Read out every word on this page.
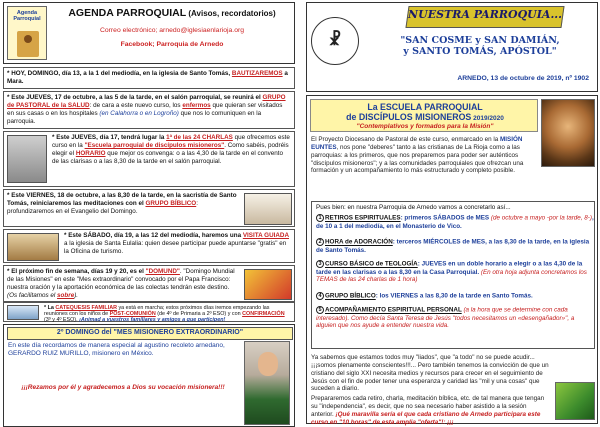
Agenda Parroquial
AGENDA PARROQUIAL (Avisos, recordatorios)
Correo electrónico; arnedo@iglesiaenlarioja.org
Facebook; Parroquia de Arnedo

* HOY, DOMINGO, día 13, a la 1 del mediodía, en la iglesia de Santo Tomás, BAUTIZAREMOS a Mara.

* Este JUEVES, 17 de octubre, a las 5 de la tarde, en el salón parroquial, se reunirá el GRUPO de PASTORAL de la SALUD: de cara a este nuevo curso, los enfermos que quieran ser visitados en sus casas o en los hospitales (en Calahorra o en Logroño) que nos lo comuniquen en la parroquia.

* Este JUEVES, día 17, tendrá lugar la 1ª de las 24 CHARLAS que ofrecemos este curso en la "Escuela parroquial de discípulos misioneros". Como sabéis, podréis elegir el HORARIO que mejor os convenga: o a las 4,30 de la tarde en el convento de las clarisas o a las 8,30 de la tarde en el salón parroquial.

* Este VIERNES, 18 de octubre, a las 8,30 de la tarde, en la sacristía de Santo Tomás, reiniciaremos las meditaciones con el GRUPO BÍBLICO: profundizaremos en el Evangelio del Domingo.

* Este SÁBADO, día 19, a las 12 del mediodía, haremos una VISITA GUIADA a la iglesia de Santa Eulalia: quien desee participar puede apuntarse "gratis" en la Oficina de turismo.

* El próximo fin de semana, días 19 y 20, es el "DOMUND". "Domingo Mundial de las Misiones" en este "Mes extraordinario" convocado por el Papa Francisco: nuestra oración y la aportación económica de las colectas tendrán este destino. (Os facilitamos el sobre).

2º DOMINGO del "MES MISIONERO EXTRAORDINARIO"
En este día recordamos de manera especial al agustino recoleto arnedano, GERARDO RUIZ MURILLO, misionero en México.
¡¡¡Rezamos por él y agradecemos a Dios su vocación misionera!!!

* La CATEQUESIS FAMILIAR ya está en marcha; estos próximos días iremos empezando las reuniones con los niños de POST-COMUNIÓN (de 4º de Primaria a 2º ESO) y con CONFIRMACIÓN (3º y 4º ESO). ¡Animad a vuestros familiares y amigos a que participen!

☧
NUESTRA PARROQUIA...
"SAN COSME y SAN DAMIÁN,
y SANTO TOMÁS, APÓSTOL"
ARNEDO, 13 de octubre de 2019, nº 1902
La ESCUELA PARROQUIAL
de DISCÍPULOS MISIONEROS 2019/2020
"Contemplativos y formados para la Misión"
El Proyecto Diocesano de Pastoral de este curso, enmarcado en la MISIÓN EUNTES, nos pone "deberes" tanto a las cristianas de La Rioja como a las parroquias: a los primeros, que nos preparemos para poder ser auténticos "discípulos misioneros"; y a las comunidades parroquiales que ofrezcan una formación y un acompañamiento lo más estructurado y completo posible.
Pues bien: en nuestra Parroquia de Arnedo vamos a concretarlo así...
1 RETIROS ESPIRITUALES: primeros SÁBADOS de MES (de octubre a mayo -por la tarde, 8-), de 10 a 1 del mediodía, en el Monasterio de Vico.
2 HORA de ADORACIÓN: terceros MIÉRCOLES de MES, a las 8,30 de la tarde, en la iglesia de Santo Tomás.
3 CURSO BÁSICO de TEOLOGÍA: JUEVES en un doble horario a elegir o a las 4,30 de la tarde en las clarisas o a las 8,30 en la Casa Parroquial. (En otra hoja adjunta concretamos los TEMAS de las 24 charlas de 1 hora)
4 GRUPO BÍBLICO: los VIERNES a las 8,30 de la tarde en Santo Tomás.
5 ACOMPAÑAMIENTO ESPIRITUAL PERSONAL (a la hora que se determine con cada interesado). Como decía Santa Teresa de Jesús "todos necesitamos un «desengañador»", a alguien que nos ayude a entender nuestra vida.

Ya sabemos que estamos todos muy "liados", que "a todo" no se puede acudir... ¡¡¡somos plenamente conscientes!!!... Pero también tenemos la convicción de que un cristiano del siglo XXI necesita medios y recursos para crecer en el seguimiento de Jesús con el fin de poder tener una esperanza y caridad las "mil y una cosas" que suceden a diario.

Prepararemos cada retiro, charla, meditación bíblica, etc. de tal manera que tengan su "independencia", es decir, que no sea necesario haber asistido a la sesión anterior. ¡Qué maravilla sería el que cada cristiano de Arnedo participara este curso en "10 horas" de esta amplia "oferta"!: ¡¡¡
